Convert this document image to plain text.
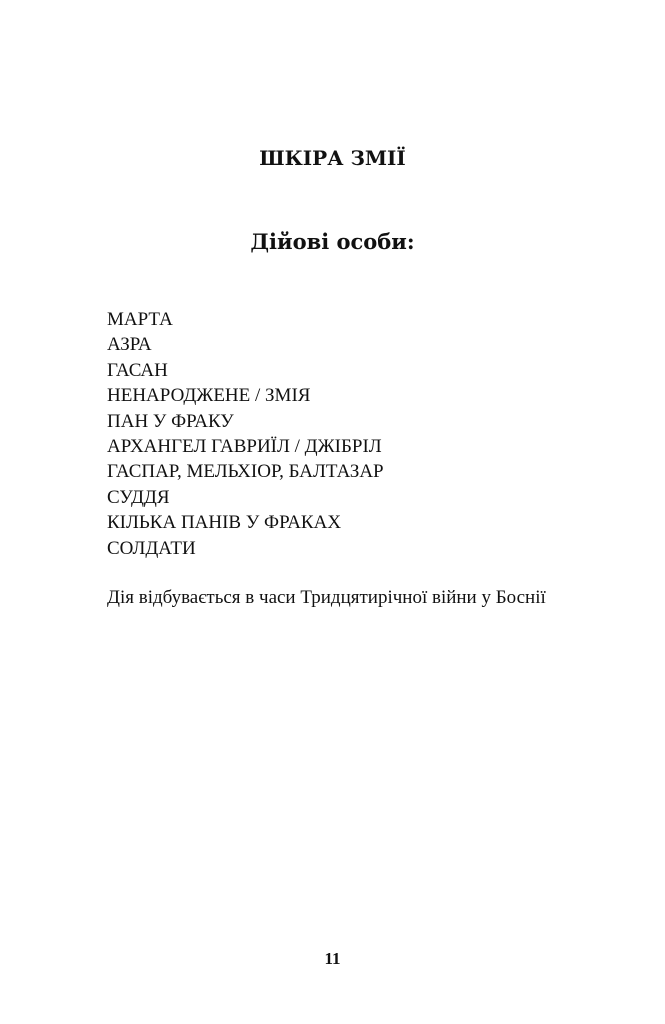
ШКІРА ЗМІЇ
Дійові особи:
МАРТА
АЗРА
ГАСАН
НЕНАРОДЖЕНЕ / ЗМІЯ
ПАН У ФРАКУ
АРХАНГЕЛ ГАВРИЇЛ / ДЖІБРІЛ
ГАСПАР, МЕЛЬХІОР, БАЛТАЗАР
СУДДЯ
КІЛЬКА ПАНІВ У ФРАКАХ
СОЛДАТИ

Дія відбувається в часи Тридцятирічної війни у Боснії

11
